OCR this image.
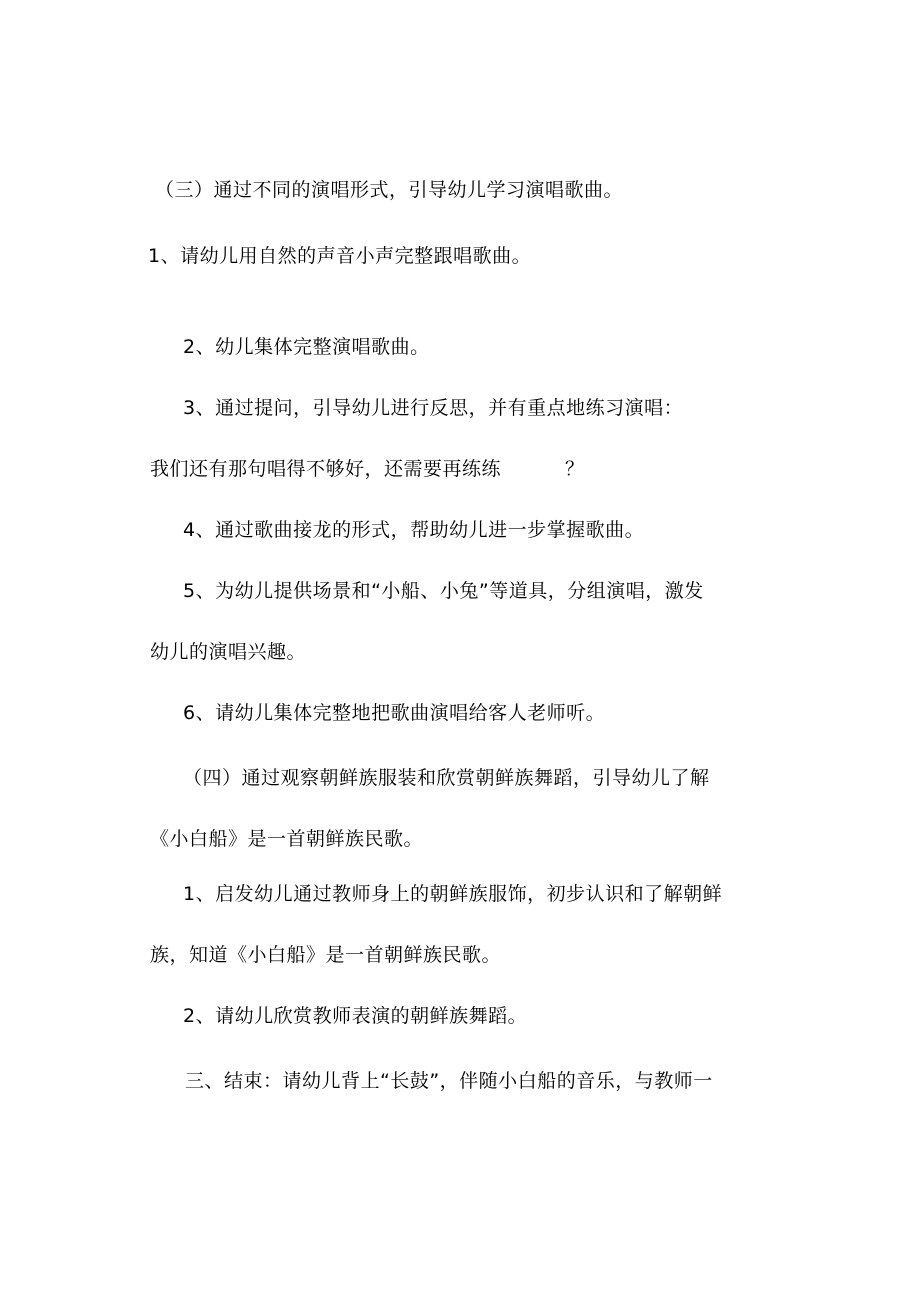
（三）通过不同的演唱形式，引导幼儿学习演唱歌曲。
1、请幼儿用自然的声音小声完整跟唱歌曲。
2、幼儿集体完整演唱歌曲。
3、通过提问，引导幼儿进行反思，并有重点地练习演唱：
我们还有那句唱得不够好，还需要再练练	？
4、通过歌曲接龙的形式，帮助幼儿进一步掌握歌曲。
5、为幼儿提供场景和“小船、小兔”等道具，分组演唱，激发
幼儿的演唱兴趣。
6、请幼儿集体完整地把歌曲演唱给客人老师听。
（四）通过观察朝鲜族服装和欣赏朝鲜族舞蹈，引导幼儿了解
《小白船》是一首朝鲜族民歌。
1、启发幼儿通过教师身上的朝鲜族服饰，初步认识和了解朝鲜
族，知道《小白船》是一首朝鲜族民歌。
2、请幼儿欣赏教师表演的朝鲜族舞蹈。
三、结束：请幼儿背上“长鼓”，伴随小白船的音乐，与教师一
